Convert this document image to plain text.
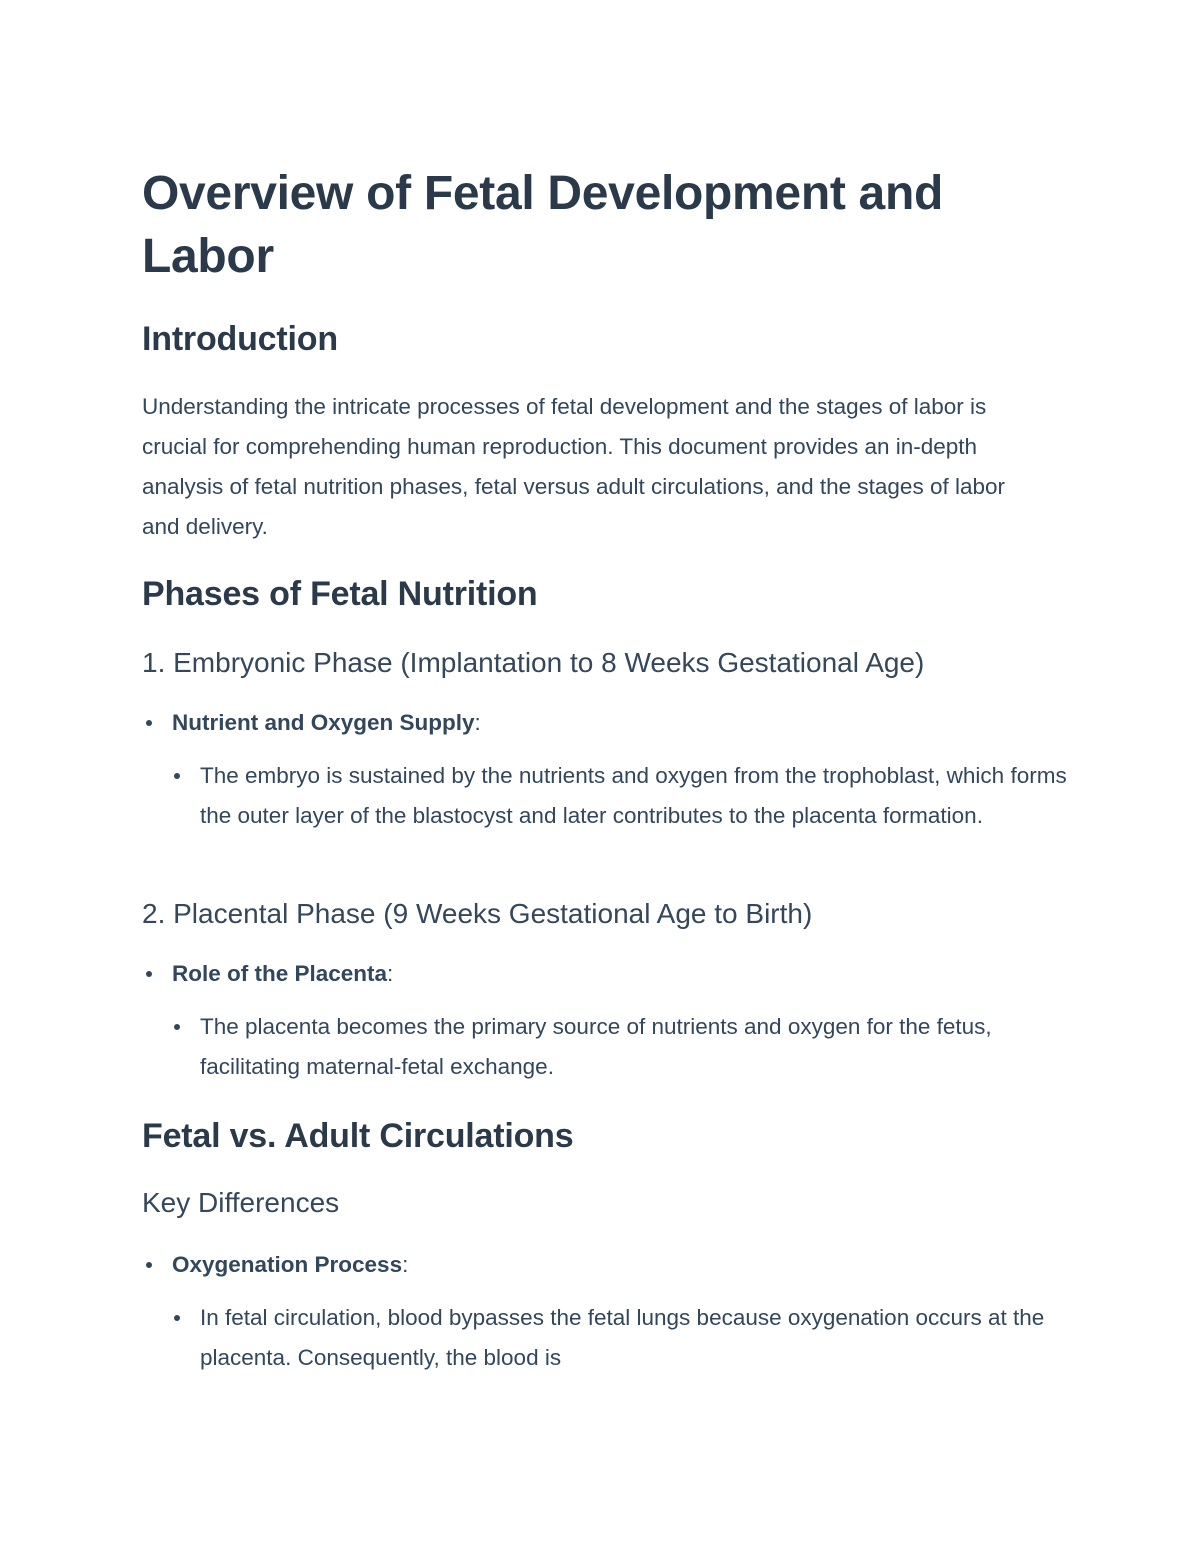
Overview of Fetal Development and Labor
Introduction

Understanding the intricate processes of fetal development and the stages of labor is crucial for comprehending human reproduction. This document provides an in-depth analysis of fetal nutrition phases, fetal versus adult circulations, and the stages of labor and delivery.

Phases of Fetal Nutrition
1. Embryonic Phase (Implantation to 8 Weeks Gestational Age)

Nutrient and Oxygen Supply:

The embryo is sustained by the nutrients and oxygen from the trophoblast, which forms the outer layer of the blastocyst and later contributes to the placenta formation.

2. Placental Phase (9 Weeks Gestational Age to Birth)

Role of the Placenta:

The placenta becomes the primary source of nutrients and oxygen for the fetus, facilitating maternal-fetal exchange.

Fetal vs. Adult Circulations
Key Differences

Oxygenation Process:

In fetal circulation, blood bypasses the fetal lungs because oxygenation occurs at the placenta. Consequently, the blood is
